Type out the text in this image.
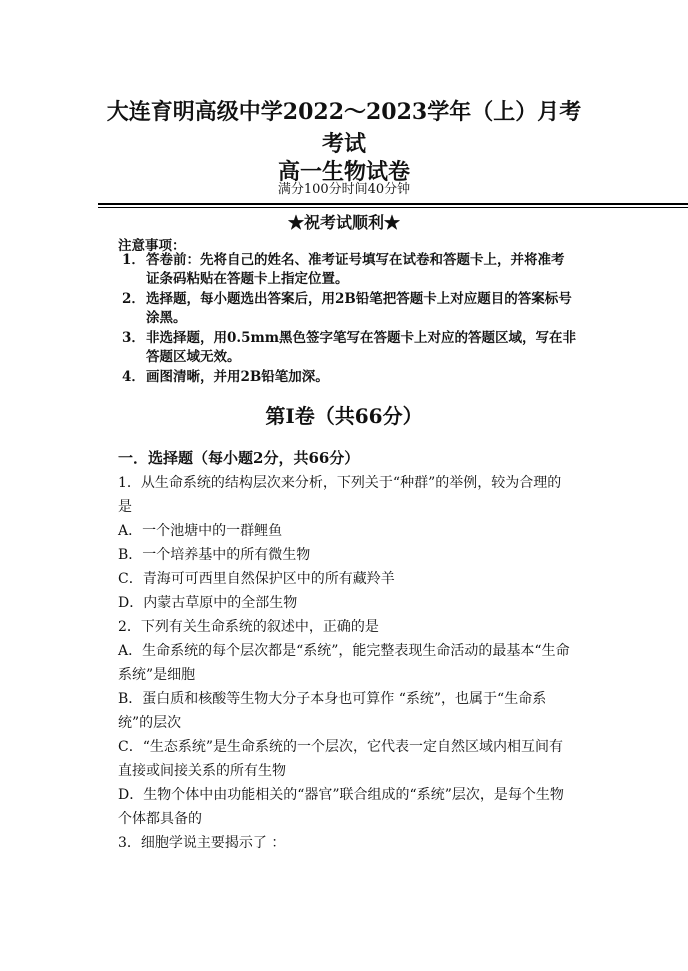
大连育明高级中学2022～2023学年（上）月考
考试
高一生物试卷
满分100分时间40分钟
★祝考试顺利★
注意事项：
1． 答卷前：先将自己的姓名、准考证号填写在试卷和答题卡上，并将准考证条码粘贴在答题卡上指定位置。
2． 选择题，每小题选出答案后，用2B铅笔把答题卡上对应题目的答案标号涂黑。
3． 非选择题，用0.5mm黑色签字笔写在答题卡上对应的答题区域，写在非答题区域无效。
4． 画图清晰，并用2B铅笔加深。
第Ⅰ卷（共66分）
一．选择题（每小题2分，共66分）

1．从生命系统的结构层次来分析，下列关于“种群”的举例，较为合理的是

A．一个池塘中的一群鲤鱼

B．一个培养基中的所有微生物

C．青海可可西里自然保护区中的所有藏羚羊

D．内蒙古草原中的全部生物

2．下列有关生命系统的叙述中，正确的是

A．生命系统的每个层次都是“系统”，能完整表现生命活动的最基本“生命系统”是细胞

B．蛋白质和核酸等生物大分子本身也可算作 “系统”，也属于“生命系统”的层次

C．“生态系统”是生命系统的一个层次，它代表一定自然区域内相互间有直接或间接关系的所有生物

D．生物个体中由功能相关的“器官”联合组成的“系统”层次，是每个生物个体都具备的

3．细胞学说主要揭示了 ：
